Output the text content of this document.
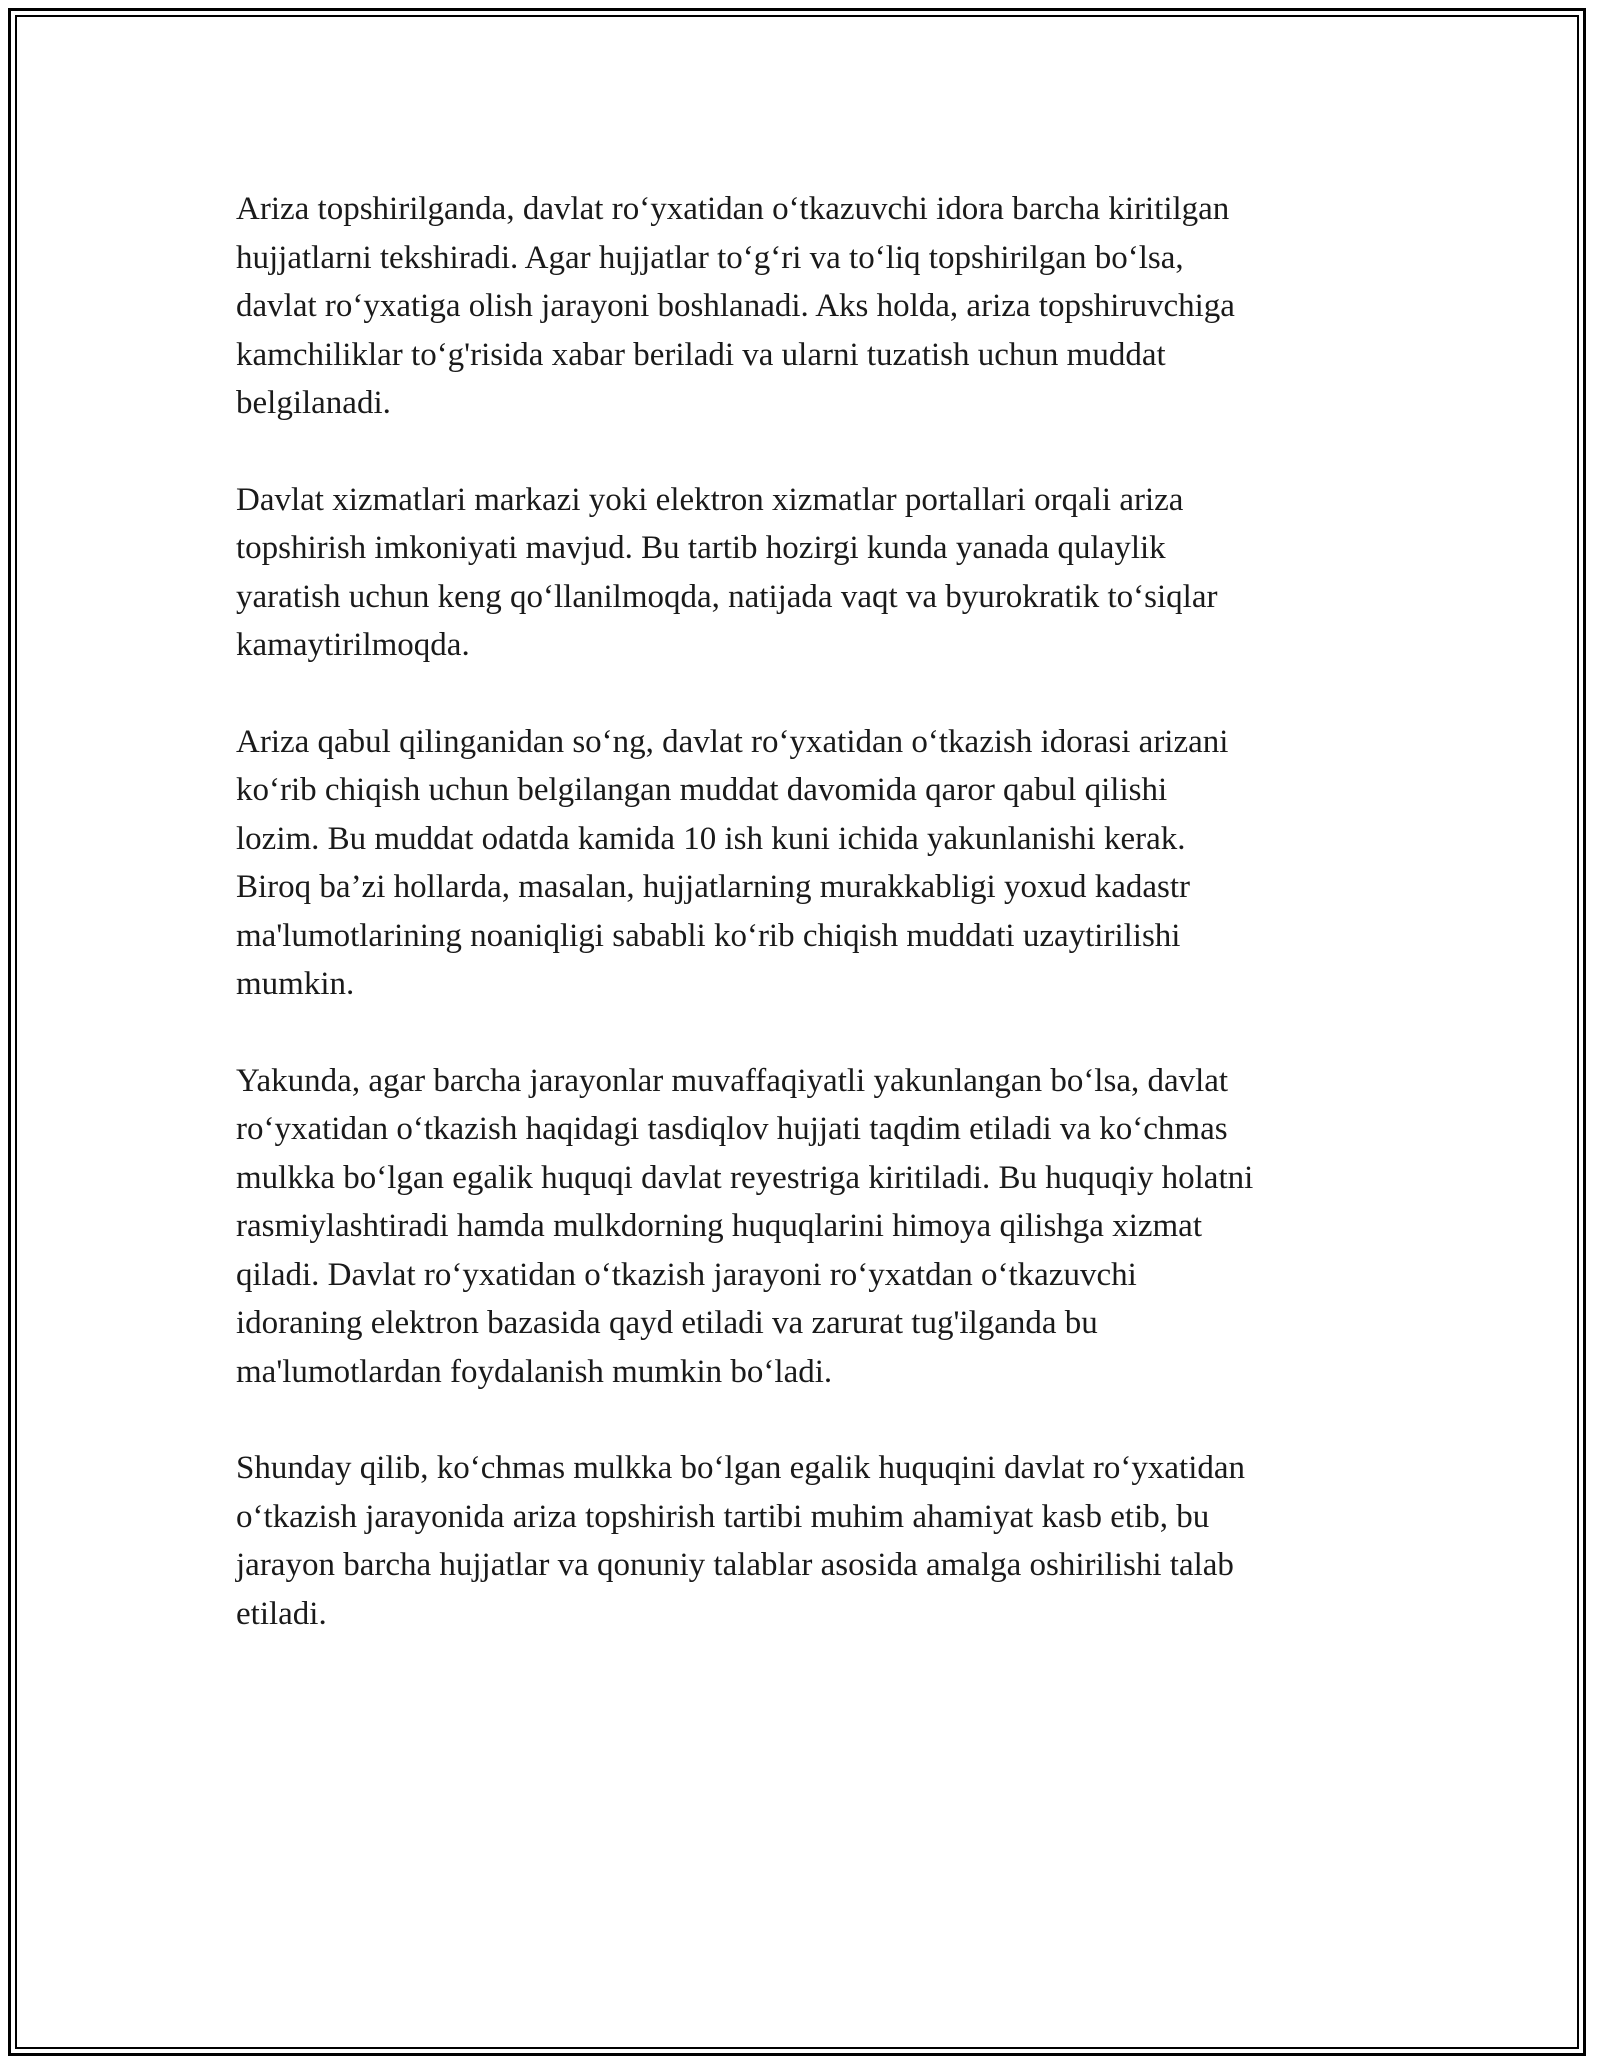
Ariza topshirilganda, davlat ro‘yxatidan o‘tkazuvchi idora barcha kiritilgan
hujjatlarni tekshiradi. Agar hujjatlar to‘g‘ri va to‘liq topshirilgan bo‘lsa,
davlat ro‘yxatiga olish jarayoni boshlanadi. Aks holda, ariza topshiruvchiga
kamchiliklar to‘g'risida xabar beriladi va ularni tuzatish uchun muddat
belgilanadi.

Davlat xizmatlari markazi yoki elektron xizmatlar portallari orqali ariza
topshirish imkoniyati mavjud. Bu tartib hozirgi kunda yanada qulaylik
yaratish uchun keng qo‘llanilmoqda, natijada vaqt va byurokratik to‘siqlar
kamaytirilmoqda.

Ariza qabul qilinganidan so‘ng, davlat ro‘yxatidan o‘tkazish idorasi arizani
ko‘rib chiqish uchun belgilangan muddat davomida qaror qabul qilishi
lozim. Bu muddat odatda kamida 10 ish kuni ichida yakunlanishi kerak.
Biroq ba’zi hollarda, masalan, hujjatlarning murakkabligi yoxud kadastr
ma'lumotlarining noaniqligi sababli ko‘rib chiqish muddati uzaytirilishi
mumkin.

Yakunda, agar barcha jarayonlar muvaffaqiyatli yakunlangan bo‘lsa, davlat
ro‘yxatidan o‘tkazish haqidagi tasdiqlov hujjati taqdim etiladi va ko‘chmas
mulkka bo‘lgan egalik huquqi davlat reyestriga kiritiladi. Bu huquqiy holatni
rasmiylashtiradi hamda mulkdorning huquqlarini himoya qilishga xizmat
qiladi. Davlat ro‘yxatidan o‘tkazish jarayoni ro‘yxatdan o‘tkazuvchi
idoraning elektron bazasida qayd etiladi va zarurat tug'ilganda bu
ma'lumotlardan foydalanish mumkin bo‘ladi.

Shunday qilib, ko‘chmas mulkka bo‘lgan egalik huquqini davlat ro‘yxatidan
o‘tkazish jarayonida ariza topshirish tartibi muhim ahamiyat kasb etib, bu
jarayon barcha hujjatlar va qonuniy talablar asosida amalga oshirilishi talab
etiladi.
